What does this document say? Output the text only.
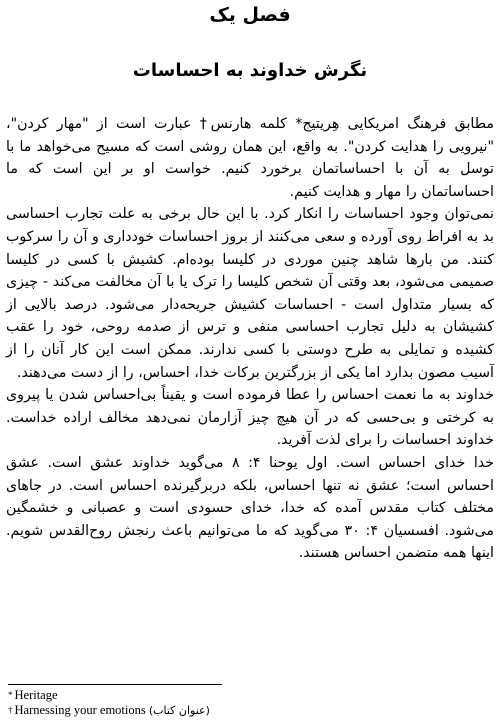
فصل یک
نگرش خداوند به احساسات

مطابق فرهنگ امریکایی هِریتیج* کلمه هارنس† عبارت است از "مهار کردن"، "نیرویی را هدایت کردن". به واقع، این همان روشی است که مسیح می‌خواهد ما با توسل به آن با احساساتمان برخورد کنیم. خواست او بر این است که ما احساساتمان را مهار و هدایت کنیم.

نمی‌توان وجود احساسات را انکار کرد. با این حال برخی به علت تجارب احساسی بد به افراط روی آورده و سعی می‌کنند از بروز احساسات خودداری و آن را سرکوب کنند. من بارها شاهد چنین موردی در کلیسا بوده‌ام. کشیش با کسی در کلیسا صمیمی می‌شود، بعد وقتی آن شخص کلیسا را ترک یا با آن مخالفت می‌کند - چیزی که بسیار متداول است - احساسات کشیش جریحه‌دار می‌شود. درصد بالایی از کشیشان به دلیل تجارب احساسی منفی و ترس از صدمه روحی، خود را عقب کشیده و تمایلی به طرح دوستی با کسی ندارند. ممکن است این کار آنان را از آسیب مصون بدارد اما یکی از بزرگترین برکات خدا، احساس، را از دست می‌دهند.

خداوند به ما نعمت احساس را عطا فرموده است و یقیناً بی‌احساس شدن یا پیروی به کرختی و بی‌حسی که در آن هیچ چیز آزارمان نمی‌دهد مخالف اراده خداست. خداوند احساسات را برای لذت آفرید.

خدا خدای احساس است. اول یوحنا ۴: ۸ می‌گوید خداوند عشق است. عشق احساس است؛ عشق نه تنها احساس، بلکه دربرگیرنده احساس است. در جاهای مختلف کتاب مقدس آمده که خدا، خدای حسودی است و عصبانی و خشمگین می‌شود. افسسیان ۴: ۳۰ می‌گوید که ما می‌توانیم باعث رنجش روح‌القدس شویم. اینها همه متضمن احساس هستند.

* Heritage
† Harnessing your emotions (عنوان کتاب)
